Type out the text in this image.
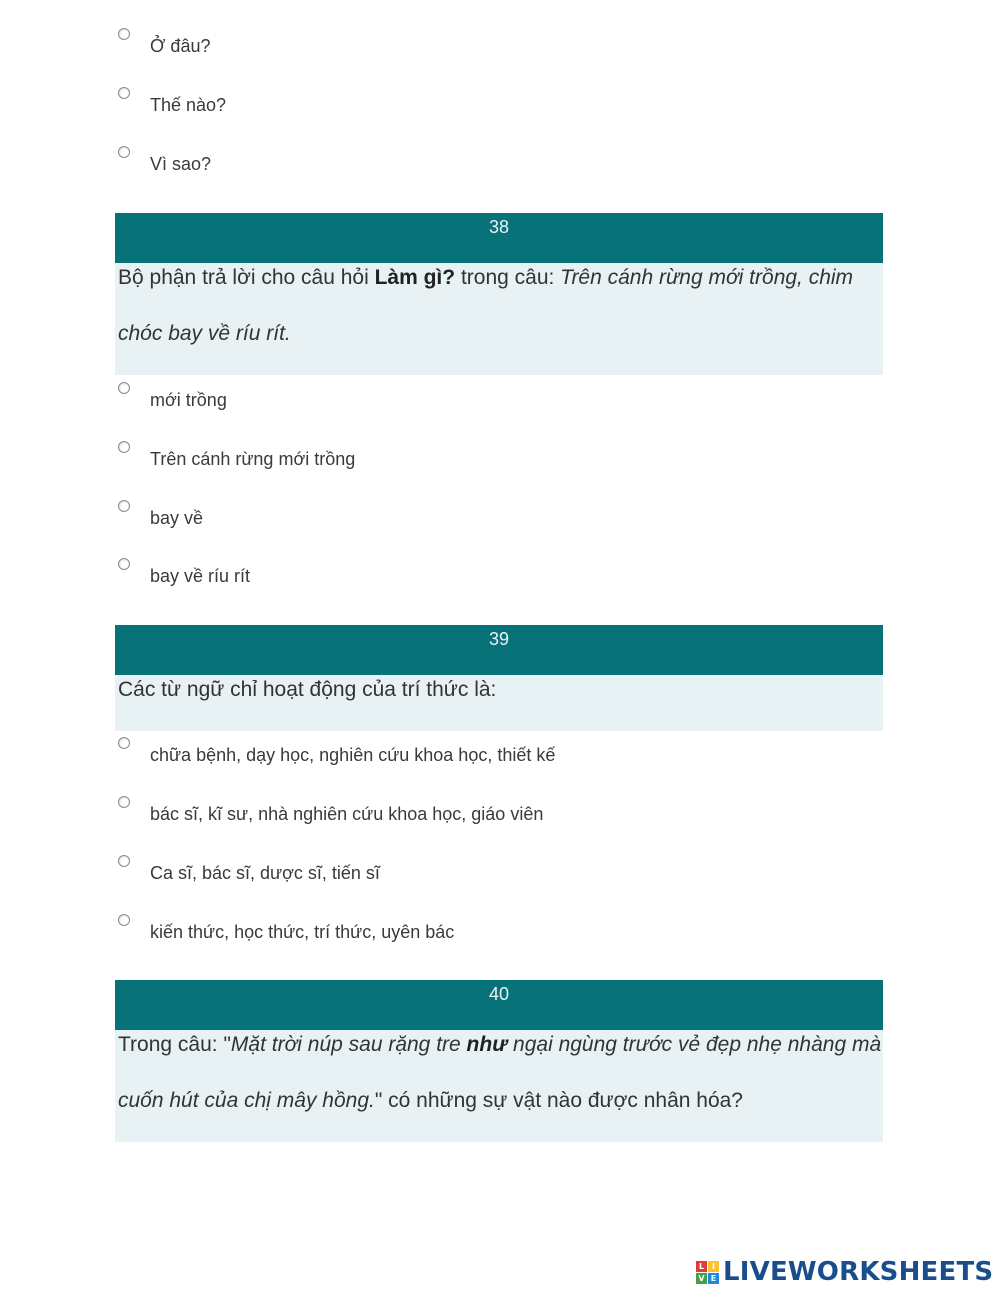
Ở đâu?
Thế nào?
Vì sao?
38
Bộ phận trả lời cho câu hỏi Làm gì? trong câu: Trên cánh rừng mới trồng, chim
chóc bay về ríu rít.
mới trồng
Trên cánh rừng mới trồng
bay về
bay về ríu rít
39
Các từ ngữ chỉ hoạt động của trí thức là:
chữa bệnh, dạy học, nghiên cứu khoa học, thiết kế
bác sĩ, kĩ sư, nhà nghiên cứu khoa học, giáo viên
Ca sĩ, bác sĩ, dược sĩ, tiến sĩ
kiến thức, học thức, trí thức, uyên bác
40
Trong câu: "Mặt trời núp sau rặng tre như ngại ngùng trước vẻ đẹp nhẹ nhàng mà
cuốn hút của chị mây hồng." có những sự vật nào được nhân hóa?
L I
V E LIVEWORKSHEETS
